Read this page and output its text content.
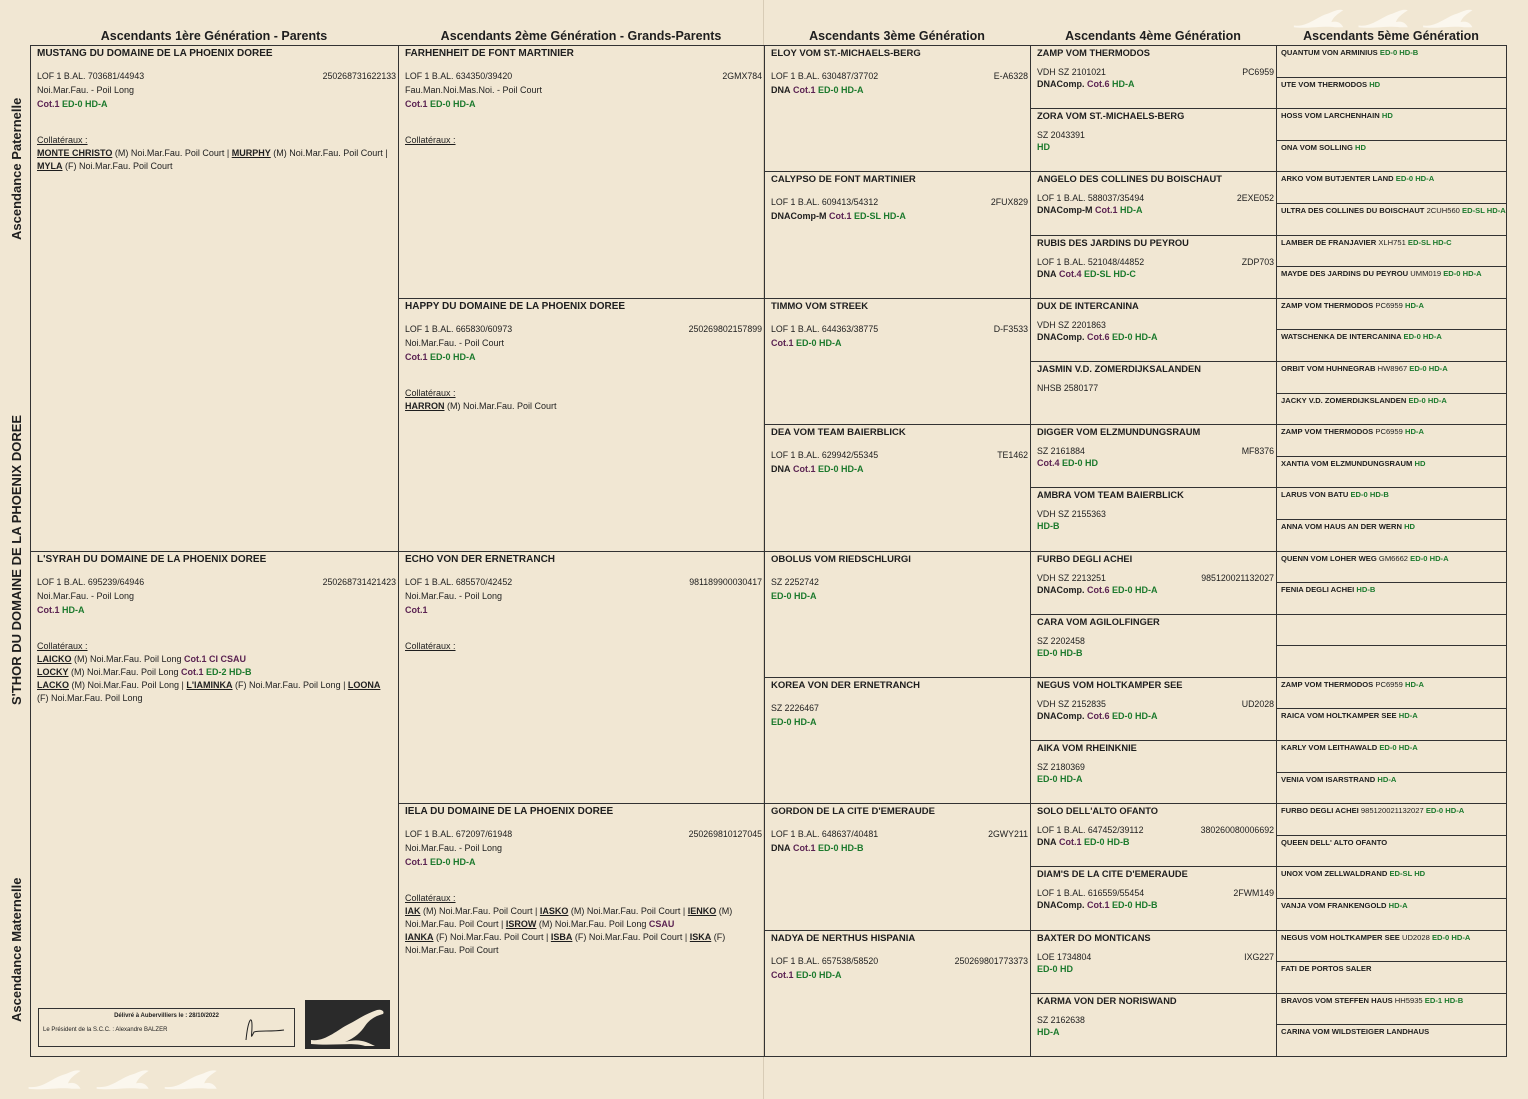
Ascendants 1ère Génération - Parents	Ascendants 2ème Génération - Grands-Parents	Ascendants 3ème Génération	Ascendants 4ème Génération	Ascendants 5ème Génération
Ascendance Paternelle
S'THOR DU DOMAINE DE LA PHOENIX DOREE
Ascendance Maternelle
MUSTANG DU DOMAINE DE LA PHOENIX DOREE
LOF 1 B.AL. 703681/44943	250268731622133
Noi.Mar.Fau. - Poil Long
Cot.1 ED-0 HD-A
Collatéraux :
MONTE CHRISTO (M) Noi.Mar.Fau. Poil Court | MURPHY (M) Noi.Mar.Fau. Poil Court | MYLA (F) Noi.Mar.Fau. Poil Court
L'SYRAH DU DOMAINE DE LA PHOENIX DOREE
LOF 1 B.AL. 695239/64946	250268731421423
Noi.Mar.Fau. - Poil Long
Cot.1 HD-A
Collatéraux :
LAICKO (M) Noi.Mar.Fau. Poil Long Cot.1 CI CSAU
LOCKY (M) Noi.Mar.Fau. Poil Long Cot.1 ED-2 HD-B
LACKO (M) Noi.Mar.Fau. Poil Long | L'IAMINKA (F) Noi.Mar.Fau. Poil Long | LOONA (F) Noi.Mar.Fau. Poil Long
FARHENHEIT DE FONT MARTINIER
LOF 1 B.AL. 634350/39420	2GMX784
Fau.Man.Noi.Mas.Noi. - Poil Court
Cot.1 ED-0 HD-A
Collatéraux :
HAPPY DU DOMAINE DE LA PHOENIX DOREE
LOF 1 B.AL. 665830/60973	250269802157899
Noi.Mar.Fau. - Poil Court
Cot.1 ED-0 HD-A
Collatéraux :
HARRON (M) Noi.Mar.Fau. Poil Court
ECHO VON DER ERNETRANCH
LOF 1 B.AL. 685570/42452	981189900030417
Noi.Mar.Fau. - Poil Long
Cot.1
Collatéraux :
IELA DU DOMAINE DE LA PHOENIX DOREE
LOF 1 B.AL. 672097/61948	250269810127045
Noi.Mar.Fau. - Poil Long
Cot.1 ED-0 HD-A
Collatéraux :
IAK (M) Noi.Mar.Fau. Poil Court | IASKO (M) Noi.Mar.Fau. Poil Court | IENKO (M) Noi.Mar.Fau. Poil Court | ISROW (M) Noi.Mar.Fau. Poil Long CSAU
IANKA (F) Noi.Mar.Fau. Poil Court | ISBA (F) Noi.Mar.Fau. Poil Court | ISKA (F) Noi.Mar.Fau. Poil Court
ELOY VOM ST.-MICHAELS-BERG
LOF 1 B.AL. 630487/37702	E-A6328
DNA Cot.1 ED-0 HD-A
CALYPSO DE FONT MARTINIER
LOF 1 B.AL. 609413/54312	2FUX829
DNAComp-M Cot.1 ED-SL HD-A
TIMMO VOM STREEK
LOF 1 B.AL. 644363/38775	D-F3533
Cot.1 ED-0 HD-A
DEA VOM TEAM BAIERBLICK
LOF 1 B.AL. 629942/55345	TE1462
DNA Cot.1 ED-0 HD-A
OBOLUS VOM RIEDSCHLURGI
SZ 2252742
ED-0 HD-A
KOREA VON DER ERNETRANCH
SZ 2226467
ED-0 HD-A
GORDON DE LA CITE D'EMERAUDE
LOF 1 B.AL. 648637/40481	2GWY211
DNA Cot.1 ED-0 HD-B
NADYA DE NERTHUS HISPANIA
LOF 1 B.AL. 657538/58520	250269801773373
Cot.1 ED-0 HD-A
ZAMP VOM THERMODOS
VDH SZ 2101021	PC6959
DNAComp. Cot.6 HD-A
ZORA VOM ST.-MICHAELS-BERG
SZ 2043391
HD
ANGELO DES COLLINES DU BOISCHAUT
LOF 1 B.AL. 588037/35494	2EXE052
DNAComp-M Cot.1 HD-A
RUBIS DES JARDINS DU PEYROU
LOF 1 B.AL. 521048/44852	ZDP703
DNA Cot.4 ED-SL HD-C
DUX DE INTERCANINA
VDH SZ 2201863
DNAComp. Cot.6 ED-0 HD-A
JASMIN V.D. ZOMERDIJKSALANDEN
NHSB 2580177
DIGGER VOM ELZMUNDUNGSRAUM
SZ 2161884	MF8376
Cot.4 ED-0 HD
AMBRA VOM TEAM BAIERBLICK
VDH SZ 2155363
HD-B
FURBO DEGLI ACHEI
VDH SZ 2213251	985120021132027
DNAComp. Cot.6 ED-0 HD-A
CARA VOM AGILOLFINGER
SZ 2202458
ED-0 HD-B
NEGUS VOM HOLTKAMPER SEE
VDH SZ 2152835	UD2028
DNAComp. Cot.6 ED-0 HD-A
AIKA VOM RHEINKNIE
SZ 2180369
ED-0 HD-A
SOLO DELL'ALTO OFANTO
LOF 1 B.AL. 647452/39112	380260080006692
DNA Cot.1 ED-0 HD-B
DIAM'S DE LA CITE D'EMERAUDE
LOF 1 B.AL. 616559/55454	2FWM149
DNAComp. Cot.1 ED-0 HD-B
BAXTER DO MONTICANS
LOE 1734804	IXG227
ED-0 HD
KARMA VON DER NORISWAND
SZ 2162638
HD-A
QUANTUM VON ARMINIUS ED-0 HD-B
UTE VOM THERMODOS HD
HOSS VOM LARCHENHAIN HD
ONA VOM SOLLING HD
ARKO VOM BUTJENTER LAND ED-0 HD-A
ULTRA DES COLLINES DU BOISCHAUT 2CUH560 ED-SL HD-A
LAMBER DE FRANJAVIER XLH751 ED-SL HD-C
MAYDE DES JARDINS DU PEYROU UMM019 ED-0 HD-A
ZAMP VOM THERMODOS PC6959 HD-A
WATSCHENKA DE INTERCANINA ED-0 HD-A
ORBIT VOM HUHNEGRAB HW8967 ED-0 HD-A
JACKY V.D. ZOMERDIJKSLANDEN ED-0 HD-A
ZAMP VOM THERMODOS PC6959 HD-A
XANTIA VOM ELZMUNDUNGSRAUM HD
LARUS VON BATU ED-0 HD-B
ANNA VOM HAUS AN DER WERN HD
QUENN VOM LOHER WEG GM6662 ED-0 HD-A
FENIA DEGLI ACHEI HD-B
ZAMP VOM THERMODOS PC6959 HD-A
RAICA VOM HOLTKAMPER SEE HD-A
KARLY VOM LEITHAWALD ED-0 HD-A
VENIA VOM ISARSTRAND HD-A
FURBO DEGLI ACHEI 985120021132027 ED-0 HD-A
QUEEN DELL' ALTO OFANTO
UNOX VOM ZELLWALDRAND ED-SL HD
VANJA VOM FRANKENGOLD HD-A
NEGUS VOM HOLTKAMPER SEE UD2028 ED-0 HD-A
FATI DE PORTOS SALER
BRAVOS VOM STEFFEN HAUS HH5935 ED-1 HD-B
CARINA VOM WILDSTEIGER LANDHAUS
Délivré à Aubervilliers le : 28/10/2022
Le Président de la S.C.C. : Alexandre BALZER
